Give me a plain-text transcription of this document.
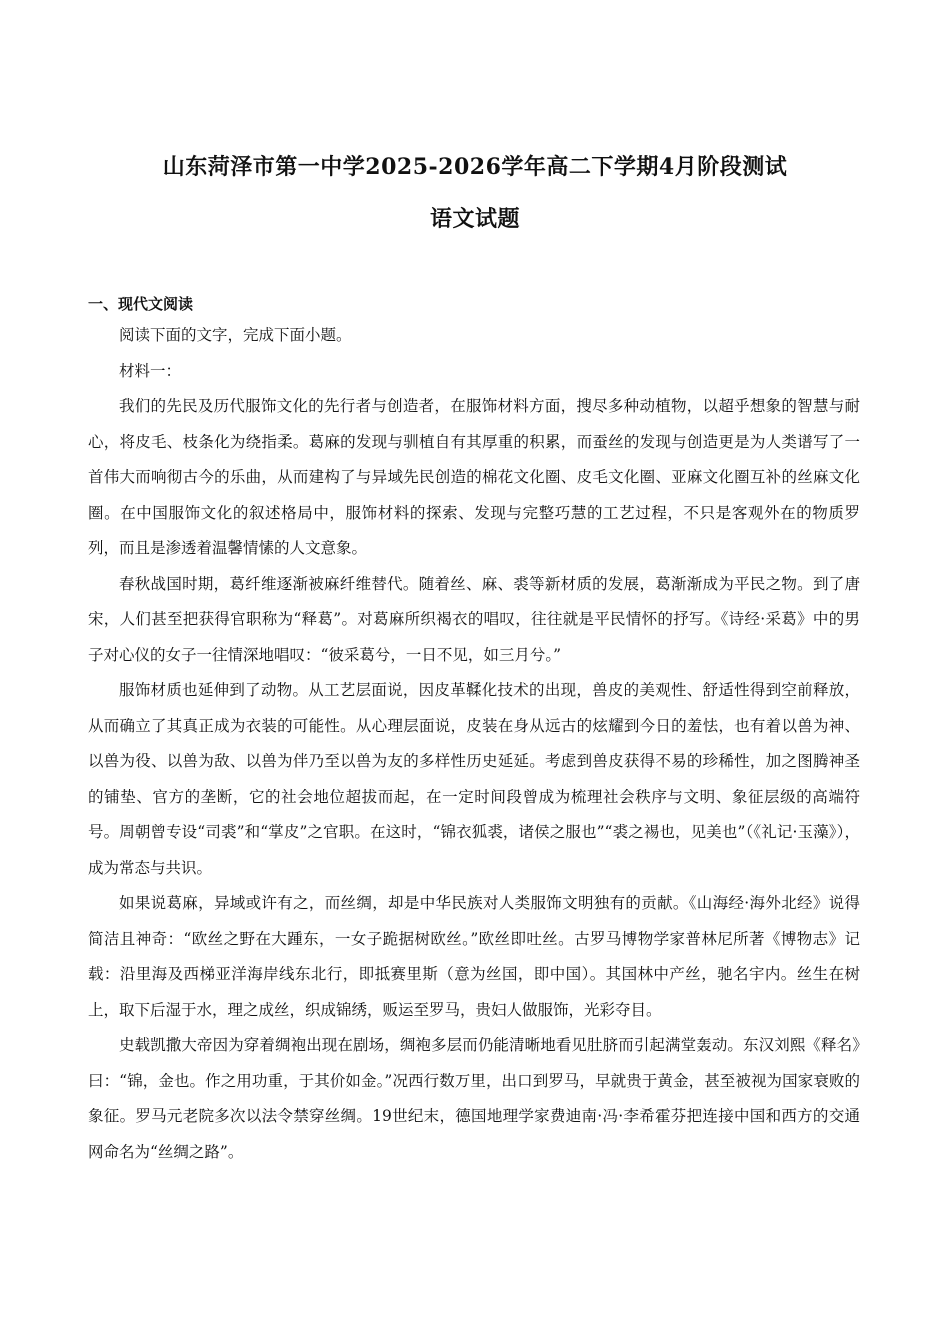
山东菏泽市第一中学2025-2026学年高二下学期4月阶段测试
语文试题
一、现代文阅读

阅读下面的文字，完成下面小题。

材料一：

我们的先民及历代服饰文化的先行者与创造者，在服饰材料方面，搜尽多种动植物，以超乎想象的智慧与耐心，将皮毛、枝条化为绕指柔。葛麻的发现与驯植自有其厚重的积累，而蚕丝的发现与创造更是为人类谱写了一首伟大而响彻古今的乐曲，从而建构了与异域先民创造的棉花文化圈、皮毛文化圈、亚麻文化圈互补的丝麻文化圈。在中国服饰文化的叙述格局中，服饰材料的探索、发现与完整巧慧的工艺过程，不只是客观外在的物质罗列，而且是渗透着温馨情愫的人文意象。

春秋战国时期，葛纤维逐渐被麻纤维替代。随着丝、麻、裘等新材质的发展，葛渐渐成为平民之物。到了唐宋，人们甚至把获得官职称为“释葛”。对葛麻所织褐衣的唱叹，往往就是平民情怀的抒写。《诗经·采葛》中的男子对心仪的女子一往情深地唱叹：“彼采葛兮，一日不见，如三月兮。”

服饰材质也延伸到了动物。从工艺层面说，因皮革鞣化技术的出现，兽皮的美观性、舒适性得到空前释放，从而确立了其真正成为衣装的可能性。从心理层面说，皮装在身从远古的炫耀到今日的羞怯，也有着以兽为神、以兽为役、以兽为敌、以兽为伴乃至以兽为友的多样性历史延延。考虑到兽皮获得不易的珍稀性，加之图腾神圣的铺垫、官方的垄断，它的社会地位超拔而起，在一定时间段曾成为梳理社会秩序与文明、象征层级的高端符号。周朝曾专设“司裘”和“掌皮”之官职。在这时，“锦衣狐裘，诸侯之服也”“裘之裼也，见美也”（《礼记·玉藻》），成为常态与共识。

如果说葛麻，异域或许有之，而丝绸，却是中华民族对人类服饰文明独有的贡献。《山海经·海外北经》说得简洁且神奇：“欧丝之野在大踵东，一女子跪据树欧丝。”欧丝即吐丝。古罗马博物学家普林尼所著《博物志》记载：沿里海及西梯亚洋海岸线东北行，即抵赛里斯（意为丝国，即中国）。其国林中产丝，驰名宇内。丝生在树上，取下后湿于水，理之成丝，织成锦绣，贩运至罗马，贵妇人做服饰，光彩夺目。

史载凯撒大帝因为穿着绸袍出现在剧场，绸袍多层而仍能清晰地看见肚脐而引起满堂轰动。东汉刘熙《释名》曰：“锦，金也。作之用功重，于其价如金。”况西行数万里，出口到罗马，早就贵于黄金，甚至被视为国家衰败的象征。罗马元老院多次以法令禁穿丝绸。19世纪末，德国地理学家费迪南·冯·李希霍芬把连接中国和西方的交通网命名为“丝绸之路”。
